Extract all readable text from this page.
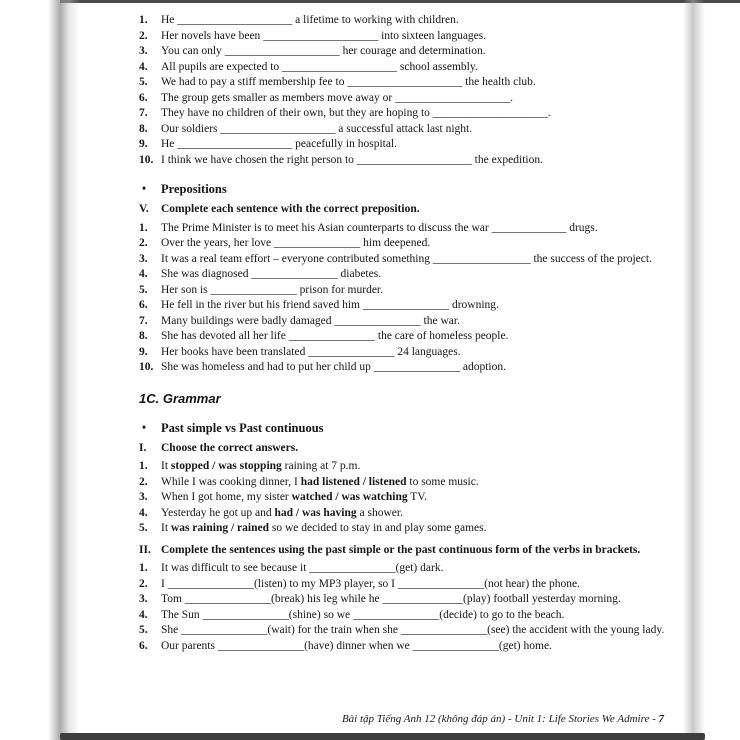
1.	He ____________________ a lifetime to working with children.
2.	Her novels have been ____________________ into sixteen languages.
3.	You can only ____________________ her courage and determination.
4.	All pupils are expected to ____________________ school assembly.
5.	We had to pay a stiff membership fee to ____________________ the health club.
6.	The group gets smaller as members move away or ____________________.
7.	They have no children of their own, but they are hoping to ____________________.
8.	Our soldiers ____________________ a successful attack last night.
9.	He ____________________ peacefully in hospital.
10. I think we have chosen the right person to ____________________ the expedition.
•	Prepositions
V.	Complete each sentence with the correct preposition.
1.	The Prime Minister is to meet his Asian counterparts to discuss the war _____________ drugs.
2.	Over the years, her love _______________ him deepened.
3.	It was a real team effort – everyone contributed something _________________ the success of the project.
4.	She was diagnosed _______________ diabetes.
5.	Her son is _______________ prison for murder.
6.	He fell in the river but his friend saved him _______________ drowning.
7.	Many buildings were badly damaged _______________ the war.
8.	She has devoted all her life _______________ the care of homeless people.
9.	Her books have been translated _______________ 24 languages.
10. She was homeless and had to put her child up _______________ adoption.
1C. Grammar
•	Past simple vs Past continuous
I.	Choose the correct answers.
1.	It stopped / was stopping raining at 7 p.m.
2.	While I was cooking dinner, I had listened / listened to some music.
3.	When I got home, my sister watched / was watching TV.
4.	Yesterday he got up and had / was having a shower.
5.	It was raining / rained so we decided to stay in and play some games.
II. Complete the sentences using the past simple or the past continuous form of the verbs in brackets.
1.	It was difficult to see because it _______________(get) dark.
2.	I _______________(listen) to my MP3 player, so I _______________(not hear) the phone.
3.	Tom _______________(break) his leg while he ______________(play) football yesterday morning.
4.	The Sun _______________(shine) so we _______________(decide) to go to the beach.
5.	She _______________(wait) for the train when she _______________(see) the accident with the young lady.
6.	Our parents _______________(have) dinner when we _______________(get) home.
Bài tập Tiếng Anh 12 (không đáp án) - Unit 1: Life Stories We Admire - 7
